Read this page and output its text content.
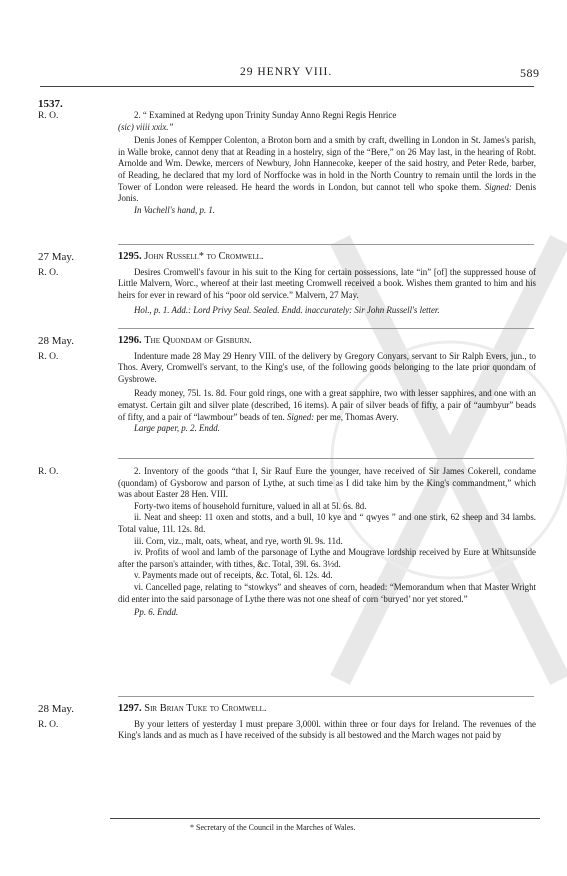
29 HENRY VIII.	589
1537.
R. O.
27 May.
R. O.
28 May.
R. O.
R. O.
28 May.
R. O.

2. “ Examined at Redyng upon Trinity Sunday Anno Regni Regis Henrice

(sic) viiii xxix.”

Denis Jones of Kempper Colenton, a Broton born and a smith by craft, dwelling in London in St. James's parish, in Walle broke, cannot deny that at Reading in a hostelry, sign of the “Bere,” on 26 May last, in the hearing of Robt. Arnolde and Wm. Dewke, mercers of Newbury, John Hannecoke, keeper of the said hostry, and Peter Rede, barber, of Reading, he declared that my lord of Norffocke was in hold in the North Country to remain until the lords in the Tower of London were released. He heard the words in London, but cannot tell who spoke them. Signed: Denis Jonis.

In Vachell's hand, p. 1.

1295. John Russell* to Cromwell.

Desires Cromwell's favour in his suit to the King for certain possessions, late “in” [of] the suppressed house of Little Malvern, Worc., whereof at their last meeting Cromwell received a book. Wishes them granted to him and his heirs for ever in reward of his “poor old service.” Malvern, 27 May.

Hol., p. 1. Add.: Lord Privy Seal. Sealed. Endd. inaccurately: Sir John Russell's letter.

1296. The Quondam of Gisburn.

Indenture made 28 May 29 Henry VIII. of the delivery by Gregory Conyars, servant to Sir Ralph Evers, jun., to Thos. Avery, Cromwell's servant, to the King's use, of the following goods belonging to the late prior quondam of Gysbrowe.

Ready money, 75l. 1s. 8d. Four gold rings, one with a great sapphire, two with lesser sapphires, and one with an ematyst. Certain gilt and silver plate (described, 16 items). A pair of silver beads of fifty, a pair of “aumbyur” beads of fifty, and a pair of “lawmbour” beads of ten. Signed: per me, Thomas Avery.

Large paper, p. 2. Endd.

2. Inventory of the goods “that I, Sir Rauf Eure the younger, have received of Sir James Cokerell, condame (quondam) of Gysborow and parson of Lythe, at such time as I did take him by the King's commandment,” which was about Easter 28 Hen. VIII.

Forty-two items of household furniture, valued in all at 5l. 6s. 8d.

ii. Neat and sheep: 11 oxen and stotts, and a bull, 10 kye and “ qwyes ” and one stirk, 62 sheep and 34 lambs. Total value, 11l. 12s. 8d.

iii. Corn, viz., malt, oats, wheat, and rye, worth 9l. 9s. 11d.

iv. Profits of wool and lamb of the parsonage of Lythe and Mougrave lordship received by Eure at Whitsunside after the parson's attainder, with tithes, &c. Total, 39l. 6s. 3½d.

v. Payments made out of receipts, &c. Total, 6l. 12s. 4d.

vi. Cancelled page, relating to “stowkys” and sheaves of corn, headed: “Memorandum when that Master Wright did enter into the said parsonage of Lythe there was not one sheaf of corn ‘buryed’ nor yet stored.”

Pp. 6. Endd.

1297. Sir Brian Tuke to Cromwell.

By your letters of yesterday I must prepare 3,000l. within three or four days for Ireland. The revenues of the King's lands and as much as I have received of the subsidy is all bestowed and the March wages not paid by

* Secretary of the Council in the Marches of Wales.
